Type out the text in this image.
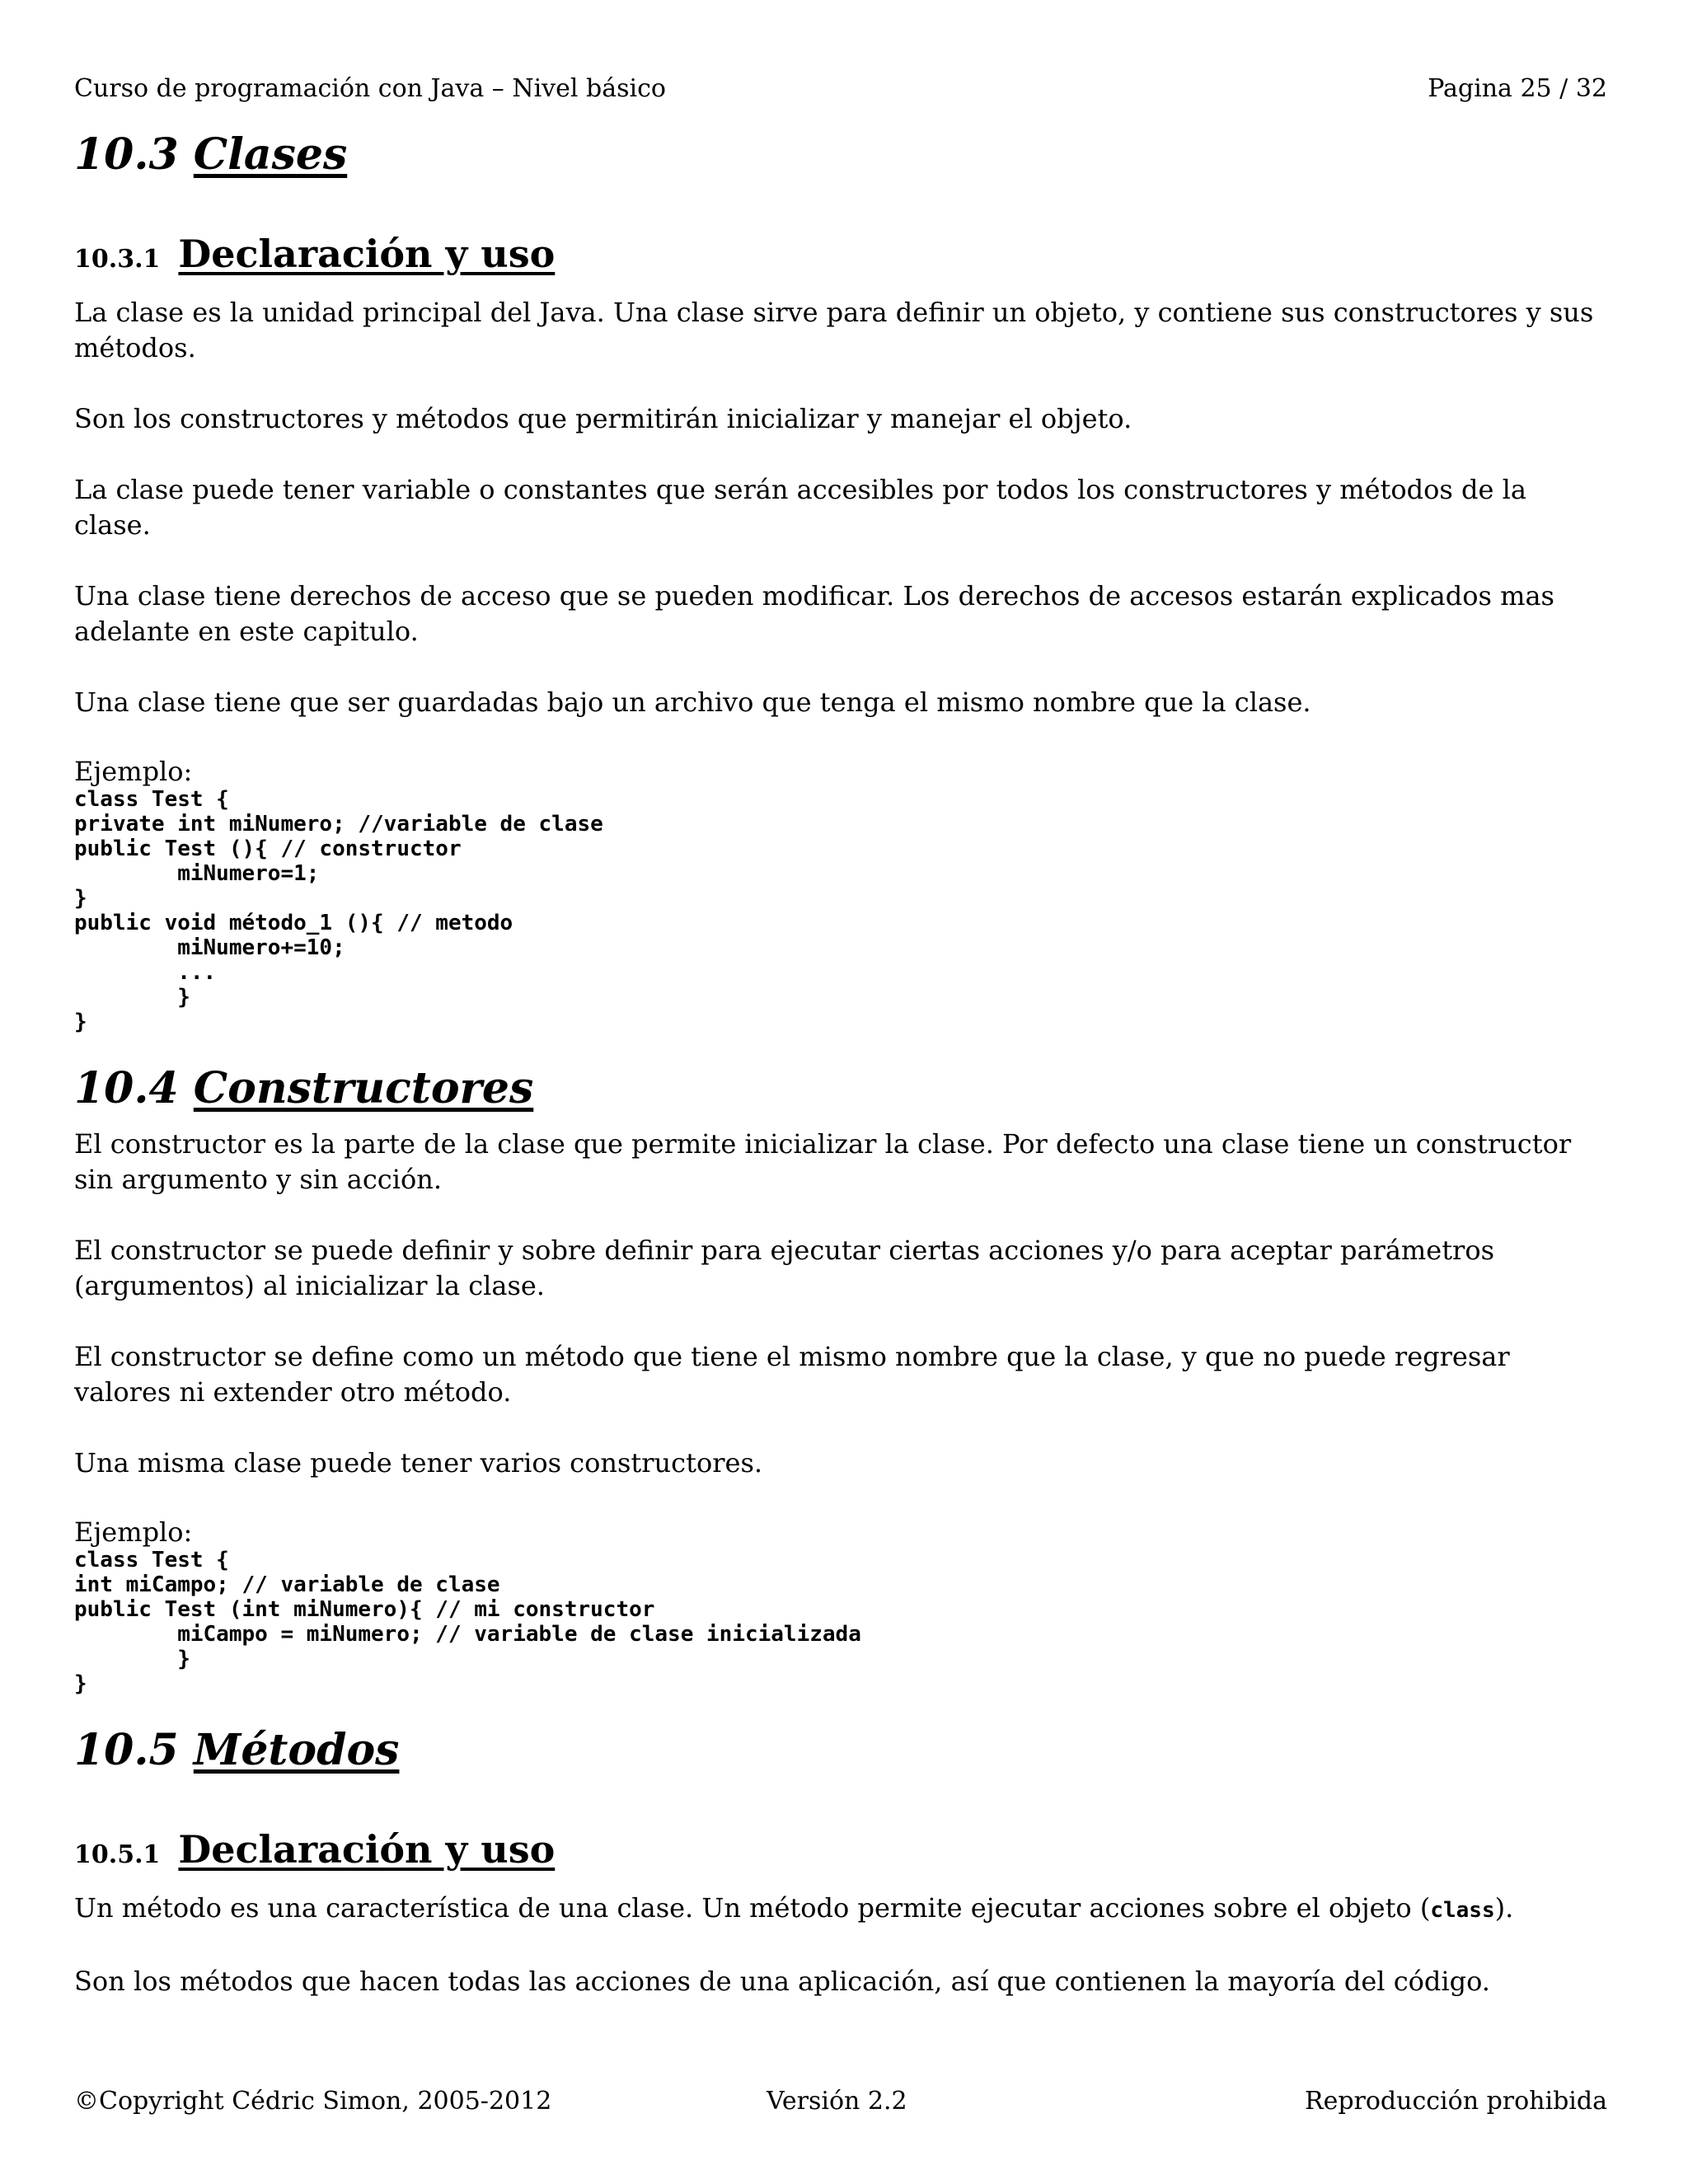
Curso de programación con Java – Nivel básico	Pagina 25 / 32
10.3 Clases
10.3.1 Declaración y uso

La clase es la unidad principal del Java. Una clase sirve para definir un objeto, y contiene sus constructores y sus métodos.

Son los constructores y métodos que permitirán inicializar y manejar el objeto.

La clase puede tener variable o constantes que serán accesibles por todos los constructores y métodos de la clase.

Una clase tiene derechos de acceso que se pueden modificar. Los derechos de accesos estarán explicados mas adelante en este capitulo.

Una clase tiene que ser guardadas bajo un archivo que tenga el mismo nombre que la clase.

Ejemplo:

class Test {
private int miNumero; //variable de clase
public Test (){ // constructor
miNumero=1;
}
public void método_1 (){ // metodo
miNumero+=10;
...
}
}
10.4 Constructores

El constructor es la parte de la clase que permite inicializar la clase. Por defecto una clase tiene un constructor sin argumento y sin acción.

El constructor se puede definir y sobre definir para ejecutar ciertas acciones y/o para aceptar parámetros (argumentos) al inicializar la clase.

El constructor se define como un método que tiene el mismo nombre que la clase, y que no puede regresar valores ni extender otro método.

Una misma clase puede tener varios constructores.

Ejemplo:

class Test {
int miCampo; // variable de clase
public Test (int miNumero){ // mi constructor
miCampo = miNumero; // variable de clase inicializada
}
}
10.5 Métodos
10.5.1 Declaración y uso

Un método es una característica de una clase. Un método permite ejecutar acciones sobre el objeto (class).

Son los métodos que hacen todas las acciones de una aplicación, así que contienen la mayoría del código.

©Copyright Cédric Simon, 2005-2012	Versión 2.2	Reproducción prohibida
